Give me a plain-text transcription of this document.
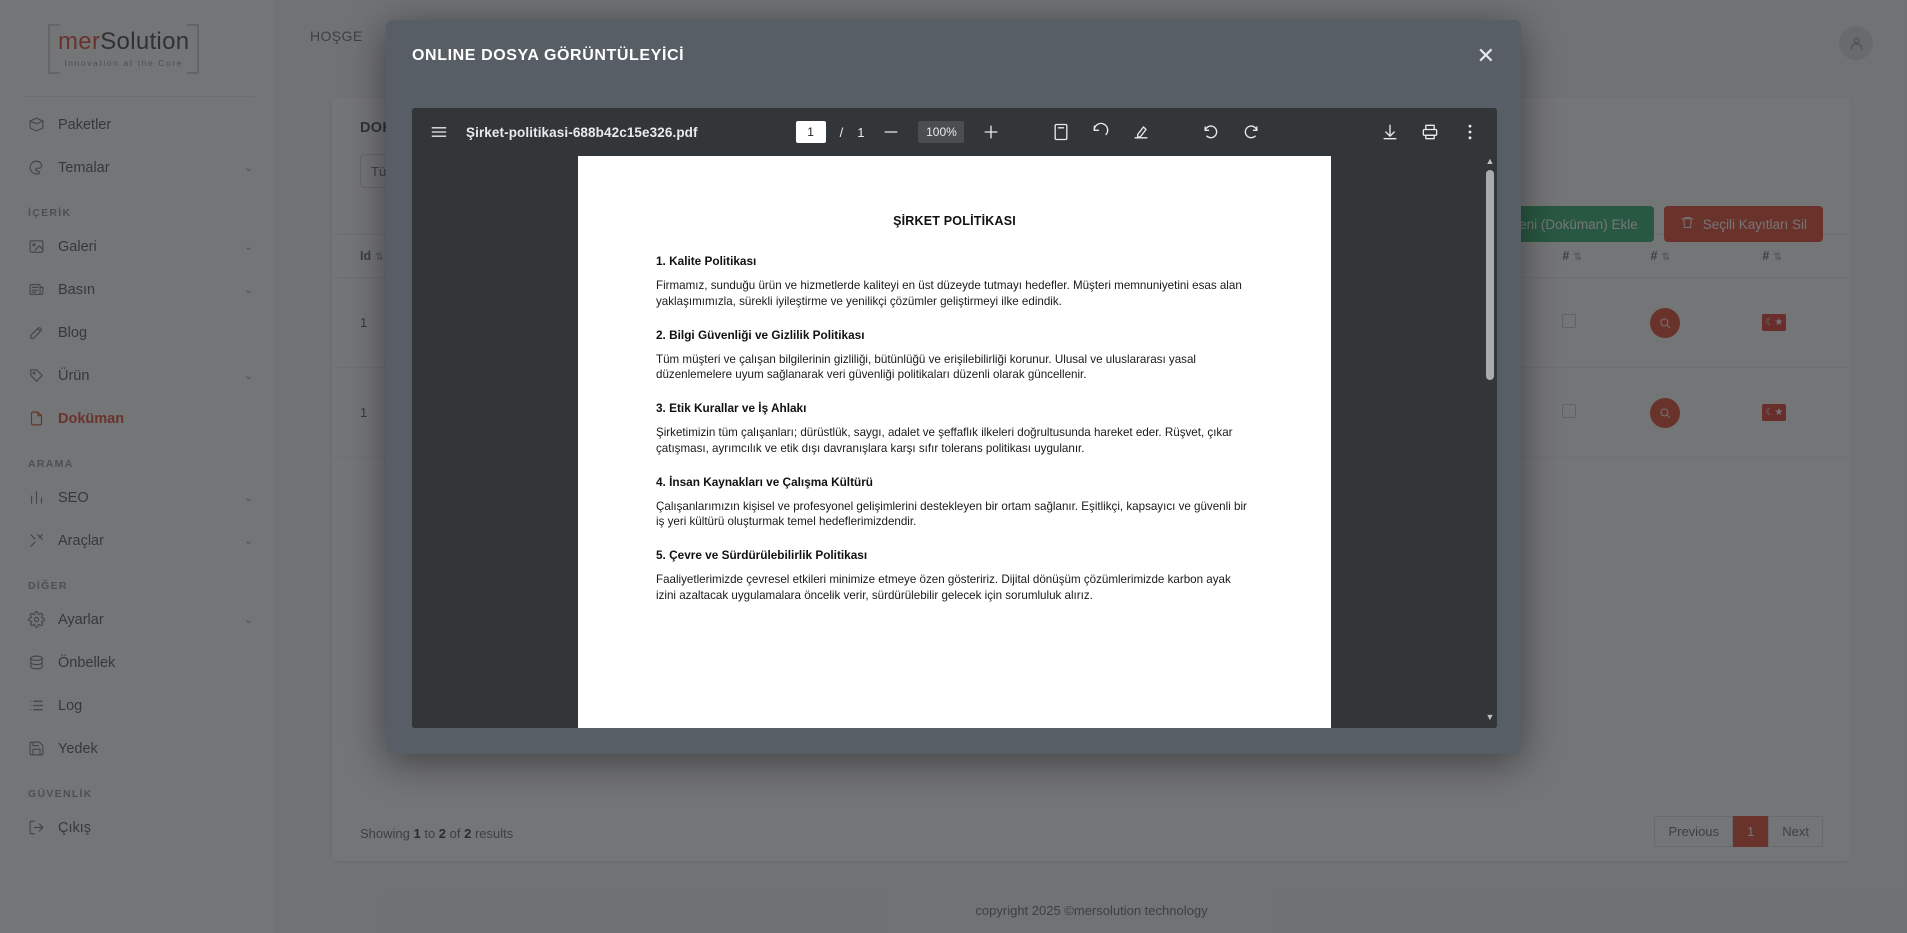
ONLINE DOSYA GÖRÜNTÜLEYİCİ	✕
Şirket-politikasi-688b42c15e326.pdf	1	/ 1	100%
ŞİRKET POLİTİKASI
1. Kalite Politikası

Firmamız, sunduğu ürün ve hizmetlerde kaliteyi en üst düzeyde tutmayı hedefler. Müşteri memnuniyetini esas alan yaklaşımımızla, sürekli iyileştirme ve yenilikçi çözümler geliştirmeyi ilke edindik.

2. Bilgi Güvenliği ve Gizlilik Politikası

Tüm müşteri ve çalışan bilgilerinin gizliliği, bütünlüğü ve erişilebilirliği korunur. Ulusal ve uluslararası yasal düzenlemelere uyum sağlanarak veri güvenliği politikaları düzenli olarak güncellenir.

3. Etik Kurallar ve İş Ahlakı

Şirketimizin tüm çalışanları; dürüstlük, saygı, adalet ve şeffaflık ilkeleri doğrultusunda hareket eder. Rüşvet, çıkar çatışması, ayrımcılık ve etik dışı davranışlara karşı sıfır tolerans politikası uygulanır.

4. İnsan Kaynakları ve Çalışma Kültürü

Çalışanlarımızın kişisel ve profesyonel gelişimlerini destekleyen bir ortam sağlanır. Eşitlikçi, kapsayıcı ve güvenli bir iş yeri kültürü oluşturmak temel hedeflerimizdendir.

5. Çevre ve Sürdürülebilirlik Politikası

Faaliyetlerimizde çevresel etkileri minimize etmeye özen gösteririz. Dijital dönüşüm çözümlerimizde karbon ayak izini azaltacak uygulamalara öncelik verir, sürdürülebilir gelecek için sorumluluk alırız.

▲
▼
